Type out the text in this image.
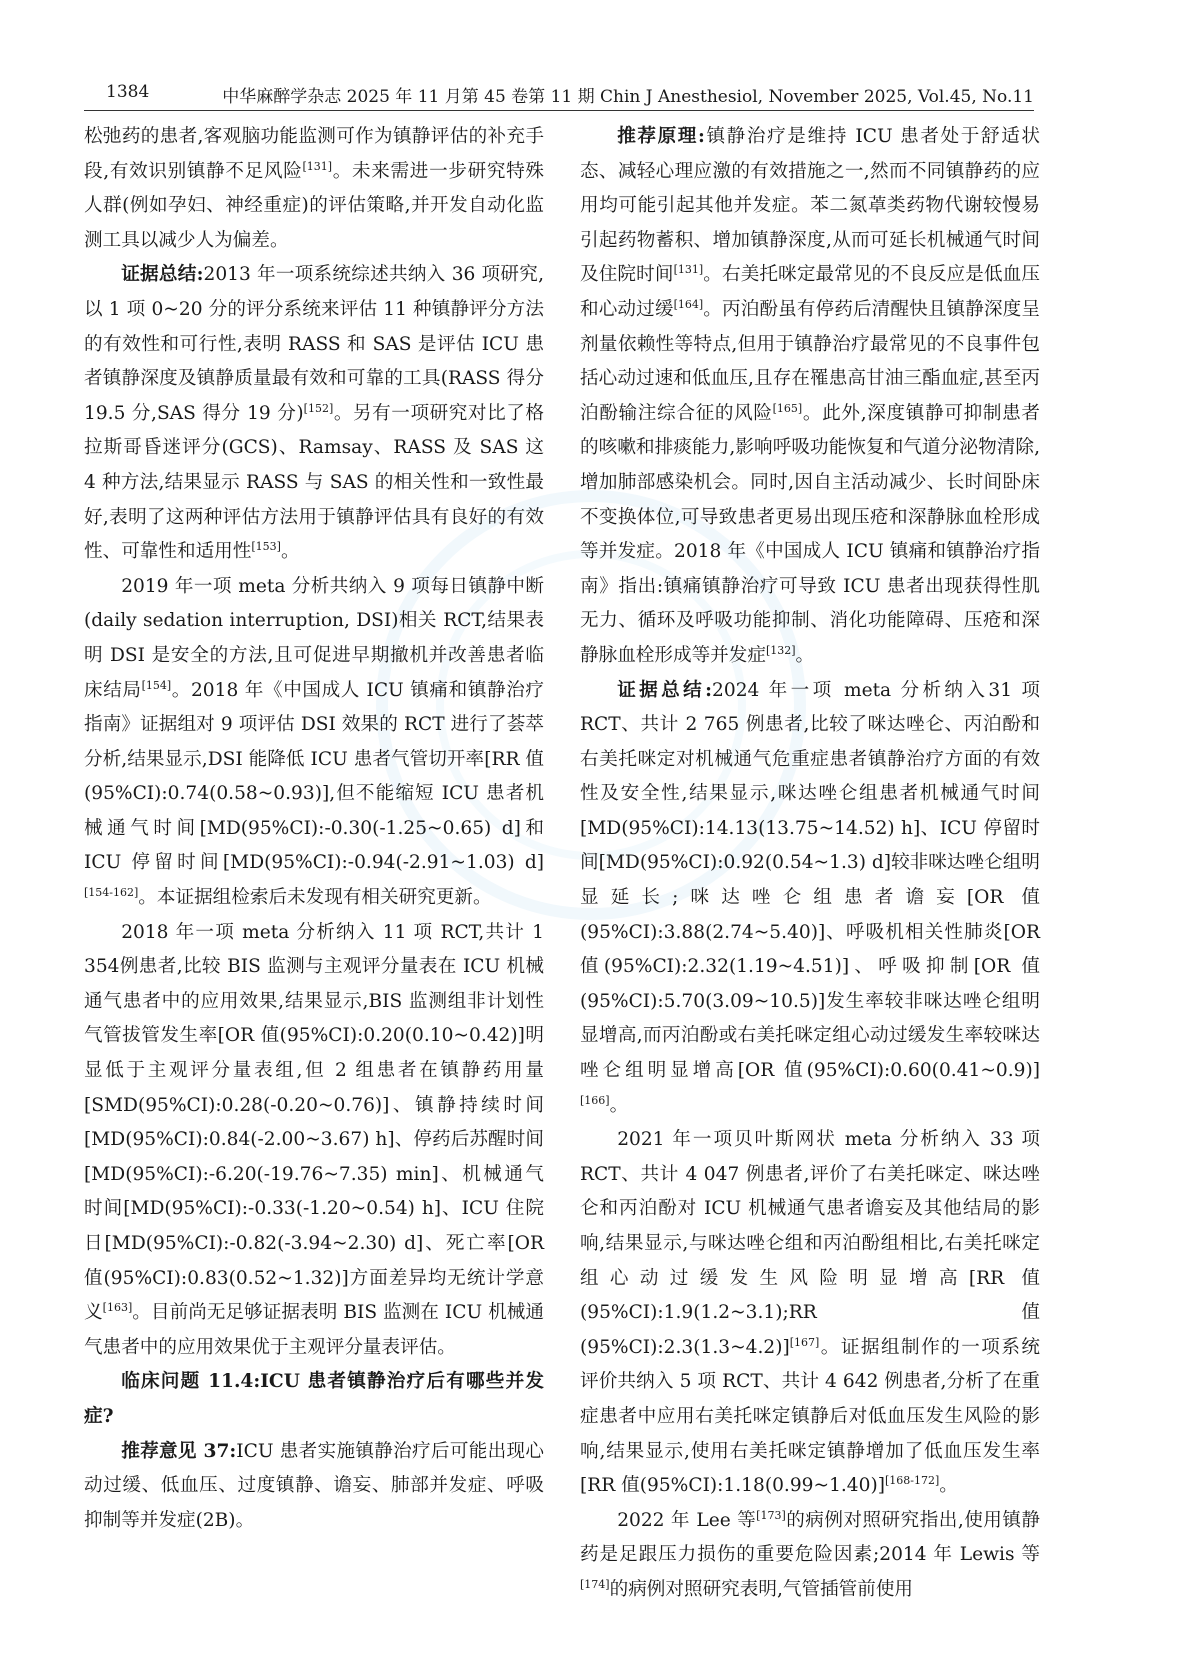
1384	中华麻醉学杂志 2025 年 11 月第 45 卷第 11 期 Chin J Anesthesiol, November 2025, Vol.45, No.11

松弛药的患者,客观脑功能监测可作为镇静评估的补充手段,有效识别镇静不足风险[131]。未来需进一步研究特殊人群(例如孕妇、神经重症)的评估策略,并开发自动化监测工具以减少人为偏差。

证据总结:2013 年一项系统综述共纳入 36 项研究,以 1 项 0~20 分的评分系统来评估 11 种镇静评分方法的有效性和可行性,表明 RASS 和 SAS 是评估 ICU 患者镇静深度及镇静质量最有效和可靠的工具(RASS 得分 19.5 分,SAS 得分 19 分)[152]。另有一项研究对比了格拉斯哥昏迷评分(GCS)、Ramsay、RASS 及 SAS 这 4 种方法,结果显示 RASS 与 SAS 的相关性和一致性最好,表明了这两种评估方法用于镇静评估具有良好的有效性、可靠性和适用性[153]。

2019 年一项 meta 分析共纳入 9 项每日镇静中断(daily sedation interruption, DSI)相关 RCT,结果表明 DSI 是安全的方法,且可促进早期撤机并改善患者临床结局[154]。2018 年《中国成人 ICU 镇痛和镇静治疗指南》证据组对 9 项评估 DSI 效果的 RCT 进行了荟萃分析,结果显示,DSI 能降低 ICU 患者气管切开率[RR 值(95%CI):0.74(0.58~0.93)],但不能缩短 ICU 患者机械通气时间[MD(95%CI):-0.30(-1.25~0.65) d]和 ICU 停留时间[MD(95%CI):-0.94(-2.91~1.03) d][154-162]。本证据组检索后未发现有相关研究更新。

2018 年一项 meta 分析纳入 11 项 RCT,共计 1 354例患者,比较 BIS 监测与主观评分量表在 ICU 机械通气患者中的应用效果,结果显示,BIS 监测组非计划性气管拔管发生率[OR 值(95%CI):0.20(0.10~0.42)]明显低于主观评分量表组,但 2 组患者在镇静药用量[SMD(95%CI):0.28(-0.20~0.76)]、镇静持续时间[MD(95%CI):0.84(-2.00~3.67) h]、停药后苏醒时间[MD(95%CI):-6.20(-19.76~7.35) min]、机械通气时间[MD(95%CI):-0.33(-1.20~0.54) h]、ICU 住院日[MD(95%CI):-0.82(-3.94~2.30) d]、死亡率[OR 值(95%CI):0.83(0.52~1.32)]方面差异均无统计学意义[163]。目前尚无足够证据表明 BIS 监测在 ICU 机械通气患者中的应用效果优于主观评分量表评估。

临床问题 11.4:ICU 患者镇静治疗后有哪些并发症?

推荐意见 37:ICU 患者实施镇静治疗后可能出现心动过缓、低血压、过度镇静、谵妄、肺部并发症、呼吸抑制等并发症(2B)。

推荐原理:镇静治疗是维持 ICU 患者处于舒适状态、减轻心理应激的有效措施之一,然而不同镇静药的应用均可能引起其他并发症。苯二氮䓬类药物代谢较慢易引起药物蓄积、增加镇静深度,从而可延长机械通气时间及住院时间[131]。右美托咪定最常见的不良反应是低血压和心动过缓[164]。丙泊酚虽有停药后清醒快且镇静深度呈剂量依赖性等特点,但用于镇静治疗最常见的不良事件包括心动过速和低血压,且存在罹患高甘油三酯血症,甚至丙泊酚输注综合征的风险[165]。此外,深度镇静可抑制患者的咳嗽和排痰能力,影响呼吸功能恢复和气道分泌物清除,增加肺部感染机会。同时,因自主活动减少、长时间卧床不变换体位,可导致患者更易出现压疮和深静脉血栓形成等并发症。2018 年《中国成人 ICU 镇痛和镇静治疗指南》指出:镇痛镇静治疗可导致 ICU 患者出现获得性肌无力、循环及呼吸功能抑制、消化功能障碍、压疮和深静脉血栓形成等并发症[132]。

证据总结:2024 年一项 meta 分析纳入31 项 RCT、共计 2 765 例患者,比较了咪达唑仑、丙泊酚和右美托咪定对机械通气危重症患者镇静治疗方面的有效性及安全性,结果显示,咪达唑仑组患者机械通气时间[MD(95%CI):14.13(13.75~14.52) h]、ICU 停留时间[MD(95%CI):0.92(0.54~1.3) d]较非咪达唑仑组明显延长;咪达唑仑组患者谵妄[OR 值(95%CI):3.88(2.74~5.40)]、呼吸机相关性肺炎[OR 值(95%CI):2.32(1.19~4.51)]、呼吸抑制[OR 值(95%CI):5.70(3.09~10.5)]发生率较非咪达唑仑组明显增高,而丙泊酚或右美托咪定组心动过缓发生率较咪达唑仑组明显增高[OR 值(95%CI):0.60(0.41~0.9)][166]。

2021 年一项贝叶斯网状 meta 分析纳入 33 项 RCT、共计 4 047 例患者,评价了右美托咪定、咪达唑仑和丙泊酚对 ICU 机械通气患者谵妄及其他结局的影响,结果显示,与咪达唑仑组和丙泊酚组相比,右美托咪定组心动过缓发生风险明显增高[RR 值(95%CI):1.9(1.2~3.1);RR 值(95%CI):2.3(1.3~4.2)][167]。证据组制作的一项系统评价共纳入 5 项 RCT、共计 4 642 例患者,分析了在重症患者中应用右美托咪定镇静后对低血压发生风险的影响,结果显示,使用右美托咪定镇静增加了低血压发生率[RR 值(95%CI):1.18(0.99~1.40)][168-172]。

2022 年 Lee 等[173]的病例对照研究指出,使用镇静药是足跟压力损伤的重要危险因素;2014 年 Lewis 等[174]的病例对照研究表明,气管插管前使用
